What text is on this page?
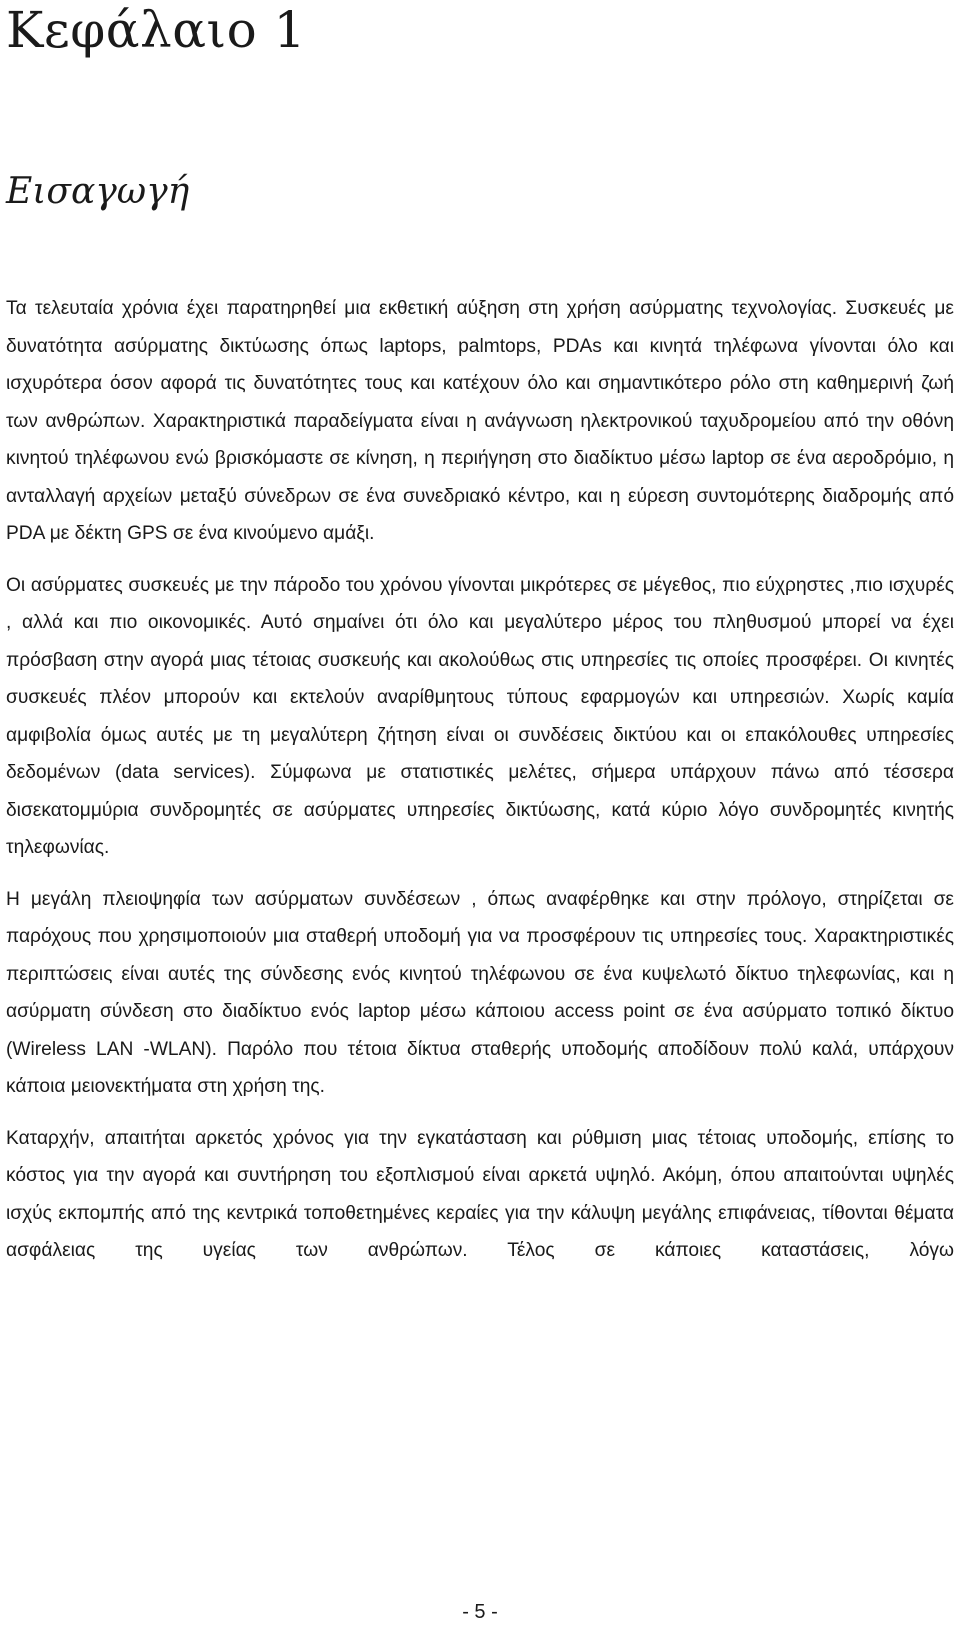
Κεφάλαιο 1
Εισαγωγή

Τα τελευταία χρόνια έχει παρατηρηθεί μια εκθετική αύξηση στη χρήση ασύρματης τεχνολογίας. Συσκευές με δυνατότητα ασύρματης δικτύωσης όπως laptops, palmtops, PDAs και κινητά τηλέφωνα γίνονται όλο και ισχυρότερα όσον αφορά τις δυνατότητες τους και κατέχουν όλο και σημαντικότερο ρόλο στη καθημερινή ζωή των ανθρώπων. Χαρακτηριστικά παραδείγματα είναι η ανάγνωση ηλεκτρονικού ταχυδρομείου από την οθόνη κινητού τηλέφωνου ενώ βρισκόμαστε σε κίνηση, η περιήγηση στο διαδίκτυο μέσω laptop σε ένα αεροδρόμιο, η ανταλλαγή αρχείων μεταξύ σύνεδρων σε ένα συνεδριακό κέντρο, και η εύρεση συντομότερης διαδρομής από PDA με δέκτη GPS σε ένα κινούμενο αμάξι.

Οι ασύρματες συσκευές με την πάροδο του χρόνου γίνονται μικρότερες σε μέγεθος, πιο εύχρηστες ,πιο ισχυρές , αλλά και πιο οικονομικές. Αυτό σημαίνει ότι όλο και μεγαλύτερο μέρος του πληθυσμού μπορεί να έχει πρόσβαση στην αγορά μιας τέτοιας συσκευής και ακολούθως στις υπηρεσίες τις οποίες προσφέρει. Οι κινητές συσκευές πλέον μπορούν και εκτελούν αναρίθμητους τύπους εφαρμογών και υπηρεσιών. Χωρίς καμία αμφιβολία όμως αυτές με τη μεγαλύτερη ζήτηση είναι οι συνδέσεις δικτύου και οι επακόλουθες υπηρεσίες δεδομένων (data services). Σύμφωνα με στατιστικές μελέτες, σήμερα υπάρχουν πάνω από τέσσερα δισεκατομμύρια συνδρομητές σε ασύρματες υπηρεσίες δικτύωσης, κατά κύριο λόγο συνδρομητές κινητής τηλεφωνίας.

Η μεγάλη πλειοψηφία των ασύρματων συνδέσεων , όπως αναφέρθηκε και στην πρόλογο, στηρίζεται σε παρόχους που χρησιμοποιούν μια σταθερή υποδομή για να προσφέρουν τις υπηρεσίες τους. Χαρακτηριστικές περιπτώσεις είναι αυτές της σύνδεσης ενός κινητού τηλέφωνου σε ένα κυψελωτό δίκτυο τηλεφωνίας, και η ασύρματη σύνδεση στο διαδίκτυο ενός laptop μέσω κάποιου access point σε ένα ασύρματο τοπικό δίκτυο (Wireless LAN -WLAN). Παρόλο που τέτοια δίκτυα σταθερής υποδομής αποδίδουν πολύ καλά, υπάρχουν κάποια μειονεκτήματα στη χρήση της.

Καταρχήν, απαιτήται αρκετός χρόνος για την εγκατάσταση και ρύθμιση μιας τέτοιας υποδομής, επίσης το κόστος για την αγορά και συντήρηση του εξοπλισμού είναι αρκετά υψηλό. Ακόμη, όπου απαιτούνται υψηλές ισχύς εκπομπής από της κεντρικά τοποθετημένες κεραίες για την κάλυψη μεγάλης επιφάνειας, τίθονται θέματα ασφάλειας της υγείας των ανθρώπων. Τέλος σε κάποιες καταστάσεις, λόγω

- 5 -
